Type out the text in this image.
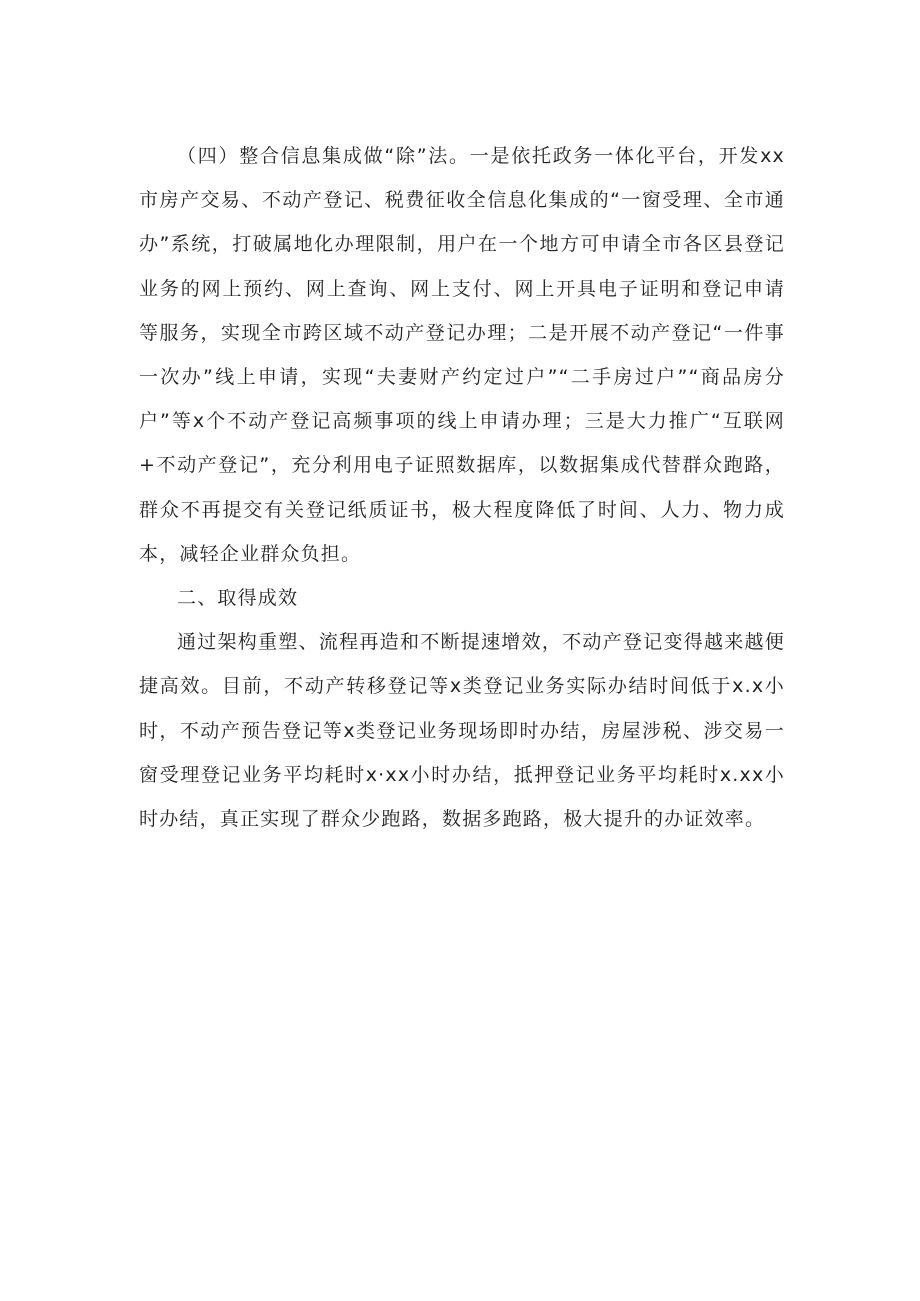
（四）整合信息集成做“除”法。一是依托政务一体化平台，开发xx市房产交易、不动产登记、税费征收全信息化集成的“一窗受理、全市通办”系统，打破属地化办理限制，用户在一个地方可申请全市各区县登记业务的网上预约、网上查询、网上支付、网上开具电子证明和登记申请等服务，实现全市跨区域不动产登记办理；二是开展不动产登记“一件事一次办”线上申请，实现“夫妻财产约定过户”“二手房过户”“商品房分户”等x个不动产登记高频事项的线上申请办理；三是大力推广“互联网+不动产登记”，充分利用电子证照数据库，以数据集成代替群众跑路，群众不再提交有关登记纸质证书，极大程度降低了时间、人力、物力成本，减轻企业群众负担。

二、取得成效

通过架构重塑、流程再造和不断提速增效，不动产登记变得越来越便捷高效。目前，不动产转移登记等x类登记业务实际办结时间低于x.x小时，不动产预告登记等x类登记业务现场即时办结，房屋涉税、涉交易一窗受理登记业务平均耗时x·xx小时办结，抵押登记业务平均耗时x.xx小时办结，真正实现了群众少跑路，数据多跑路，极大提升的办证效率。
